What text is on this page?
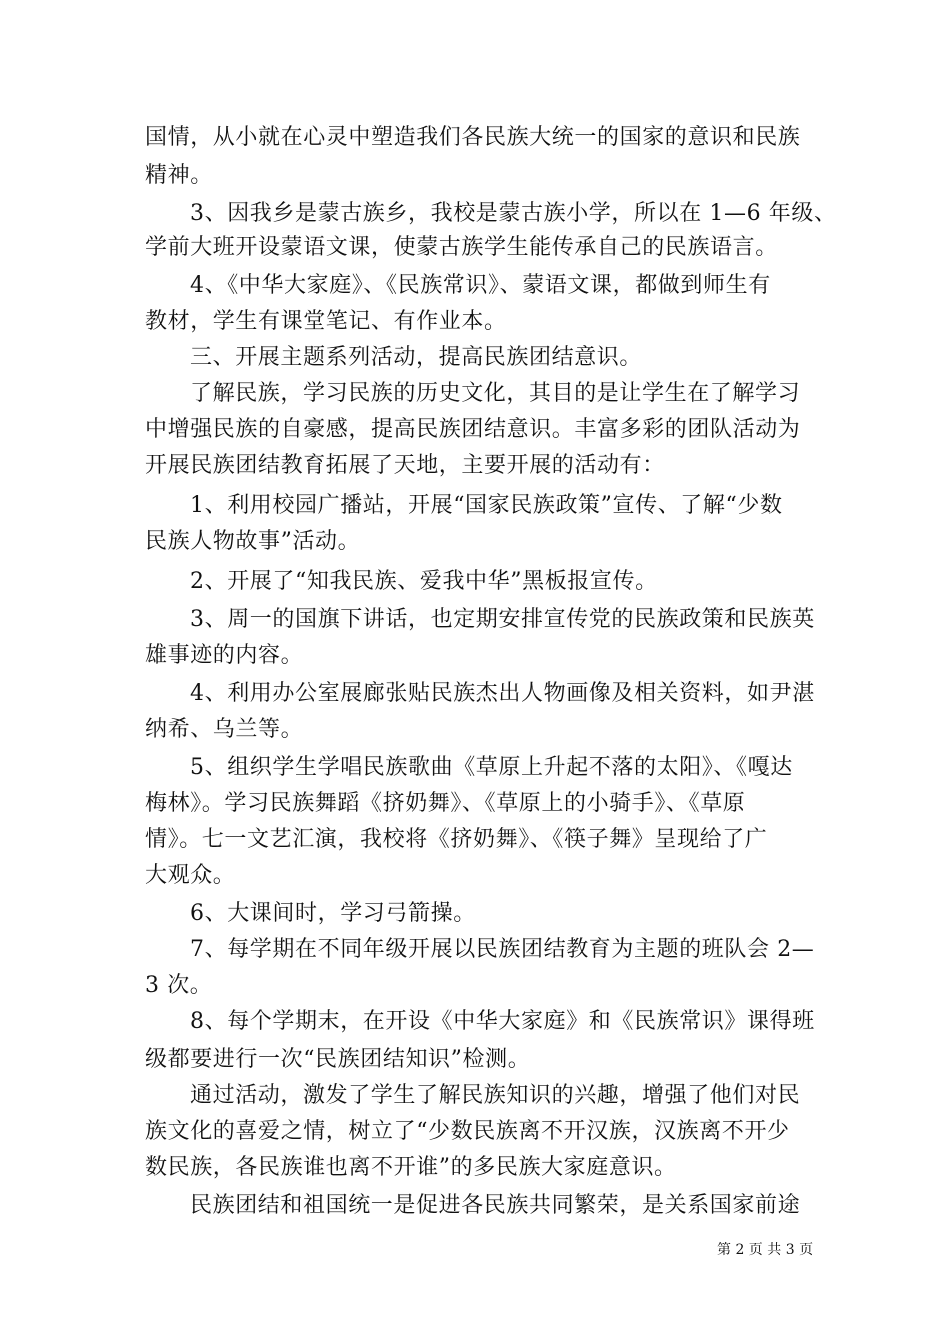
国情，从小就在心灵中塑造我们各民族大统一的国家的意识和民族
精神。
3、因我乡是蒙古族乡，我校是蒙古族小学，所以在 1—6 年级、
学前大班开设蒙语文课，使蒙古族学生能传承自己的民族语言。
4、《中华大家庭》、《民族常识》、蒙语文课，都做到师生有
教材，学生有课堂笔记、有作业本。
三、开展主题系列活动，提高民族团结意识。
了解民族，学习民族的历史文化，其目的是让学生在了解学习
中增强民族的自豪感，提高民族团结意识。丰富多彩的团队活动为
开展民族团结教育拓展了天地，主要开展的活动有：
1、利用校园广播站，开展“国家民族政策”宣传、了解“少数
民族人物故事”活动。
2、开展了“知我民族、爱我中华”黑板报宣传。
3、周一的国旗下讲话，也定期安排宣传党的民族政策和民族英
雄事迹的内容。
4、利用办公室展廊张贴民族杰出人物画像及相关资料，如尹湛
纳希、乌兰等。
5、组织学生学唱民族歌曲《草原上升起不落的太阳》、《嘎达
梅林》。学习民族舞蹈《挤奶舞》、《草原上的小骑手》、《草原
情》。七一文艺汇演，我校将《挤奶舞》、《筷子舞》呈现给了广
大观众。
6、大课间时，学习弓箭操。
7、每学期在不同年级开展以民族团结教育为主题的班队会 2—
3 次。
8、每个学期末，在开设《中华大家庭》和《民族常识》课得班
级都要进行一次“民族团结知识”检测。
通过活动，激发了学生了解民族知识的兴趣，增强了他们对民
族文化的喜爱之情，树立了“少数民族离不开汉族，汉族离不开少
数民族，各民族谁也离不开谁”的多民族大家庭意识。
民族团结和祖国统一是促进各民族共同繁荣，是关系国家前途
第 2 页 共 3 页
